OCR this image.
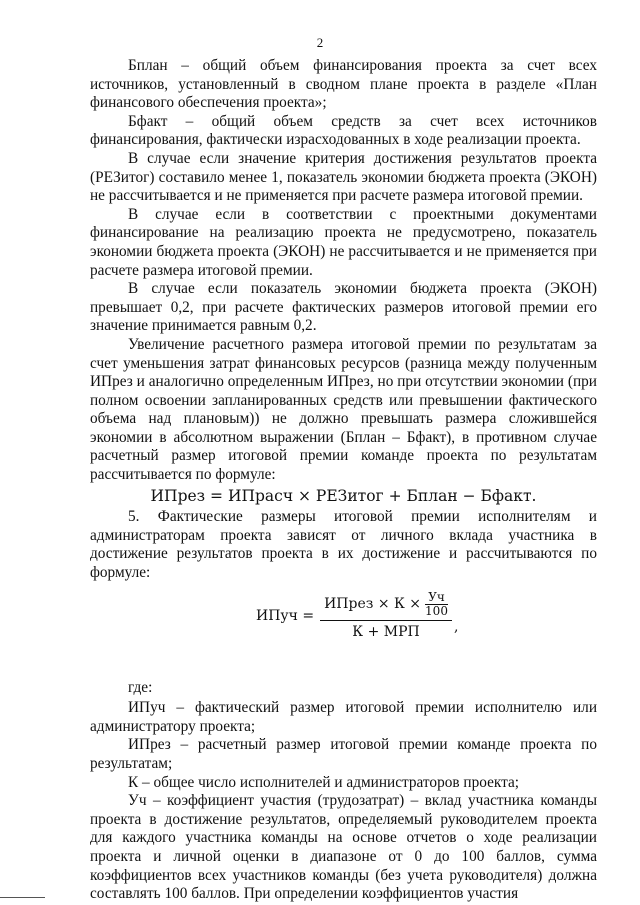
2

Бплан – общий объем финансирования проекта за счет всех источников, установленный в сводном плане проекта в разделе «План финансового обеспечения проекта»;

Бфакт – общий объем средств за счет всех источников финансирования, фактически израсходованных в ходе реализации проекта.

В случае если значение критерия достижения результатов проекта (РЕЗитог) составило менее 1, показатель экономии бюджета проекта (ЭКОН) не рассчитывается и не применяется при расчете размера итоговой премии.

В случае если в соответствии с проектными документами финансирование на реализацию проекта не предусмотрено, показатель экономии бюджета проекта (ЭКОН) не рассчитывается и не применяется при расчете размера итоговой премии.

В случае если показатель экономии бюджета проекта (ЭКОН) превышает 0,2, при расчете фактических размеров итоговой премии его значение принимается равным 0,2.

Увеличение расчетного размера итоговой премии по результатам за счет уменьшения затрат финансовых ресурсов (разница между полученным ИПрез и аналогично определенным ИПрез, но при отсутствии экономии (при полном освоении запланированных средств или превышении фактического объема над плановым)) не должно превышать размера сложившейся экономии в абсолютном выражении (Бплан – Бфакт), в противном случае расчетный размер итоговой премии команде проекта по результатам рассчитывается по формуле:

ИПрез = ИПрасч × РЕЗитог + Бплан − Бфакт.

5. Фактические размеры итоговой премии исполнителям и администраторам проекта зависят от личного вклада участника в достижение результатов проекта в их достижение и рассчитываются по формуле:

ИПуч =
ИПрез × К × Уч
100
К + МРП ,

где:

ИПуч – фактический размер итоговой премии исполнителю или администратору проекта;

ИПрез – расчетный размер итоговой премии команде проекта по результатам;

К – общее число исполнителей и администраторов проекта;

Уч – коэффициент участия (трудозатрат) – вклад участника команды проекта в достижение результатов, определяемый руководителем проекта для каждого участника команды на основе отчетов о ходе реализации проекта и личной оценки в диапазоне от 0 до 100 баллов, сумма коэффициентов всех участников команды (без учета руководителя) должна составлять 100 баллов. При определении коэффициентов участия
